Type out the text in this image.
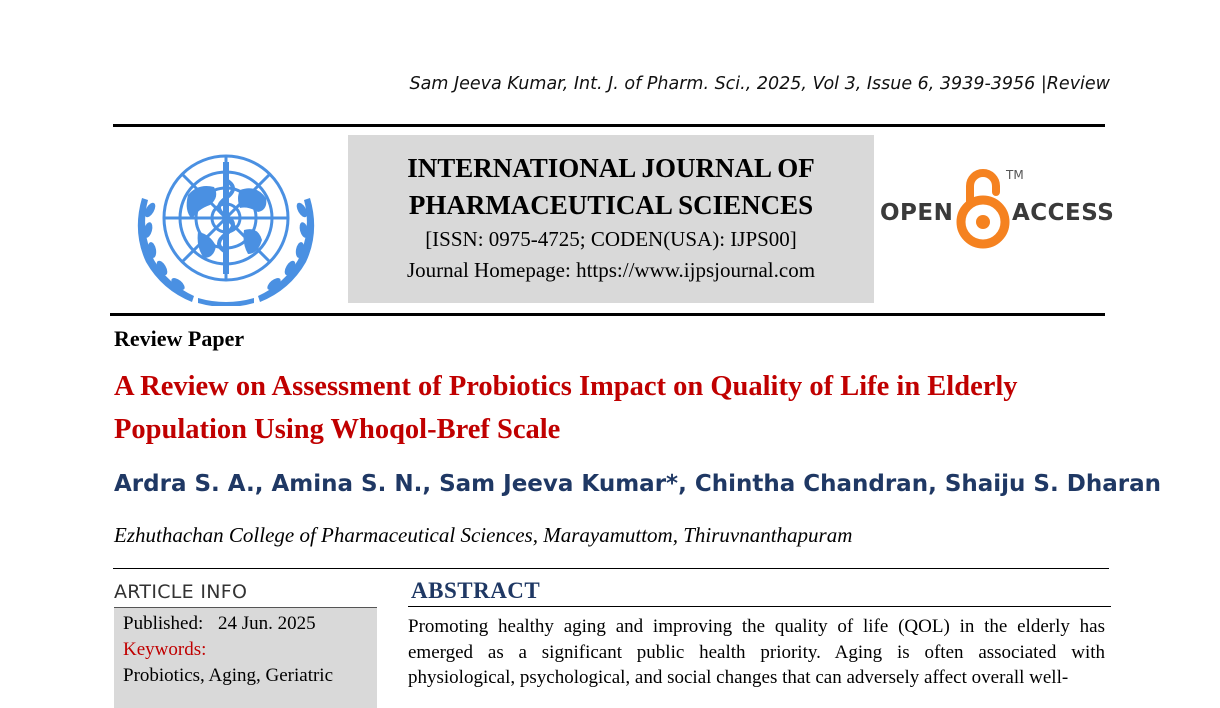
Sam Jeeva Kumar, Int. J. of Pharm. Sci., 2025, Vol 3, Issue 6, 3939-3956 |Review
INTERNATIONAL JOURNAL OF
PHARMACEUTICAL SCIENCES
[ISSN: 0975-4725; CODEN(USA): IJPS00]
Journal Homepage: https://www.ijpsjournal.com
OPEN
TM
ACCESS
Review Paper
A Review on Assessment of Probiotics Impact on Quality of Life in Elderly Population Using Whoqol-Bref Scale
Ardra S. A., Amina S. N., Sam Jeeva Kumar*, Chintha Chandran, Shaiju S. Dharan
Ezhuthachan College of Pharmaceutical Sciences, Marayamuttom, Thiruvnanthapuram
ARTICLE INFO
Published: 24 Jun. 2025
Keywords:
Probiotics, Aging, Geriatric
ABSTRACT
Promoting healthy aging and improving the quality of life (QOL) in the elderly has emerged as a significant public health priority. Aging is often associated with physiological, psychological, and social changes that can adversely affect overall well-
